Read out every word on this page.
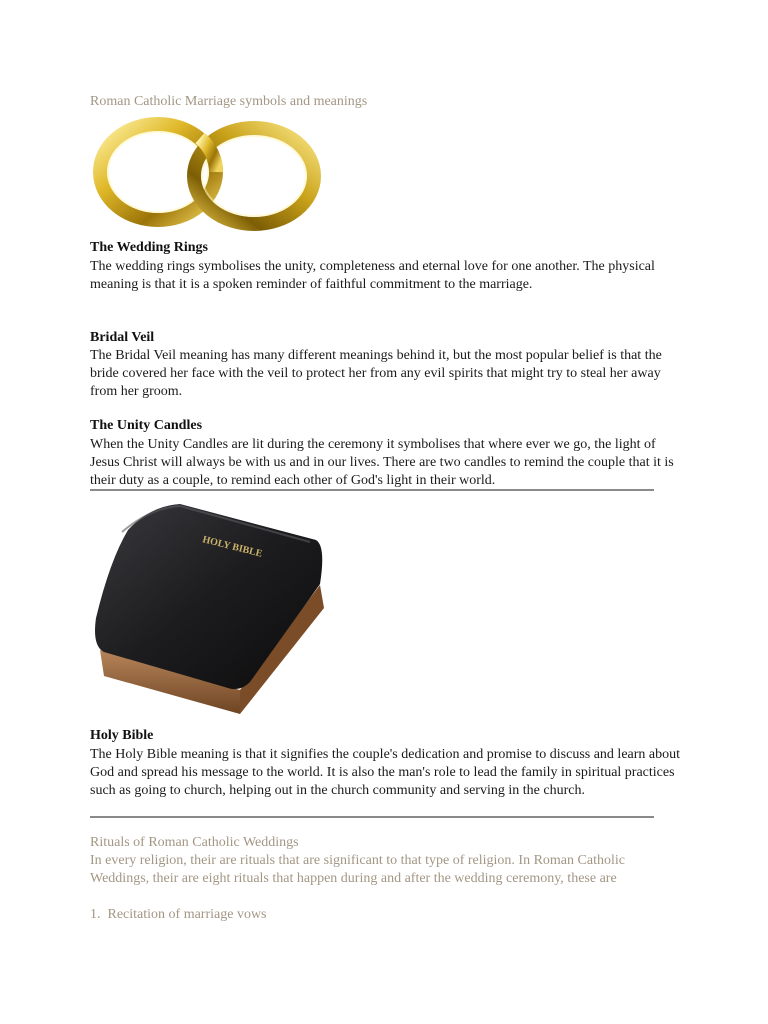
Roman Catholic Marriage symbols and meanings
The Wedding Rings
The wedding rings symbolises the unity, completeness and eternal love for one another. The physical meaning is that it is a spoken reminder of faithful commitment to the marriage.
Bridal Veil
The Bridal Veil meaning has many different meanings behind it, but the most popular belief is that the bride covered her face with the veil to protect her from any evil spirits that might try to steal her away from her groom.
The Unity Candles
When the Unity Candles are lit during the ceremony it symbolises that where ever we go, the light of Jesus Christ will always be with us and in our lives. There are two candles to remind the couple that it is their duty as a couple, to remind each other of God's light in their world.
HOLY BIBLE
Holy Bible
The Holy Bible meaning is that it signifies the couple's dedication and promise to discuss and learn about God and spread his message to the world. It is also the man's role to lead the family in spiritual practices such as going to church, helping out in the church community and serving in the church.
Rituals of Roman Catholic Weddings
In every religion, their are rituals that are significant to that type of religion. In Roman Catholic Weddings, their are eight rituals that happen during and after the wedding ceremony, these are
1.  Recitation of marriage vows
